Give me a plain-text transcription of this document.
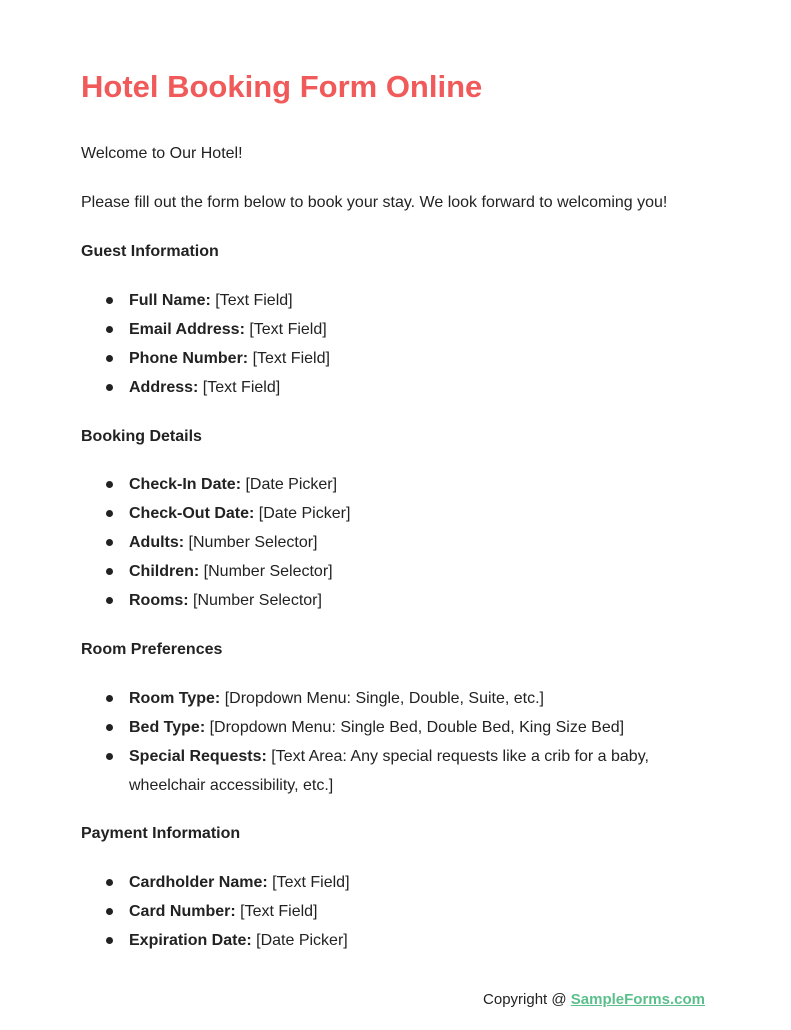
Hotel Booking Form Online

Welcome to Our Hotel!

Please fill out the form below to book your stay. We look forward to welcoming you!

Guest Information
Full Name: [Text Field]
Email Address: [Text Field]
Phone Number: [Text Field]
Address: [Text Field]
Booking Details
Check-In Date: [Date Picker]
Check-Out Date: [Date Picker]
Adults: [Number Selector]
Children: [Number Selector]
Rooms: [Number Selector]
Room Preferences
Room Type: [Dropdown Menu: Single, Double, Suite, etc.]
Bed Type: [Dropdown Menu: Single Bed, Double Bed, King Size Bed]
Special Requests: [Text Area: Any special requests like a crib for a baby, wheelchair accessibility, etc.]
Payment Information
Cardholder Name: [Text Field]
Card Number: [Text Field]
Expiration Date: [Date Picker]
Copyright @ SampleForms.com
